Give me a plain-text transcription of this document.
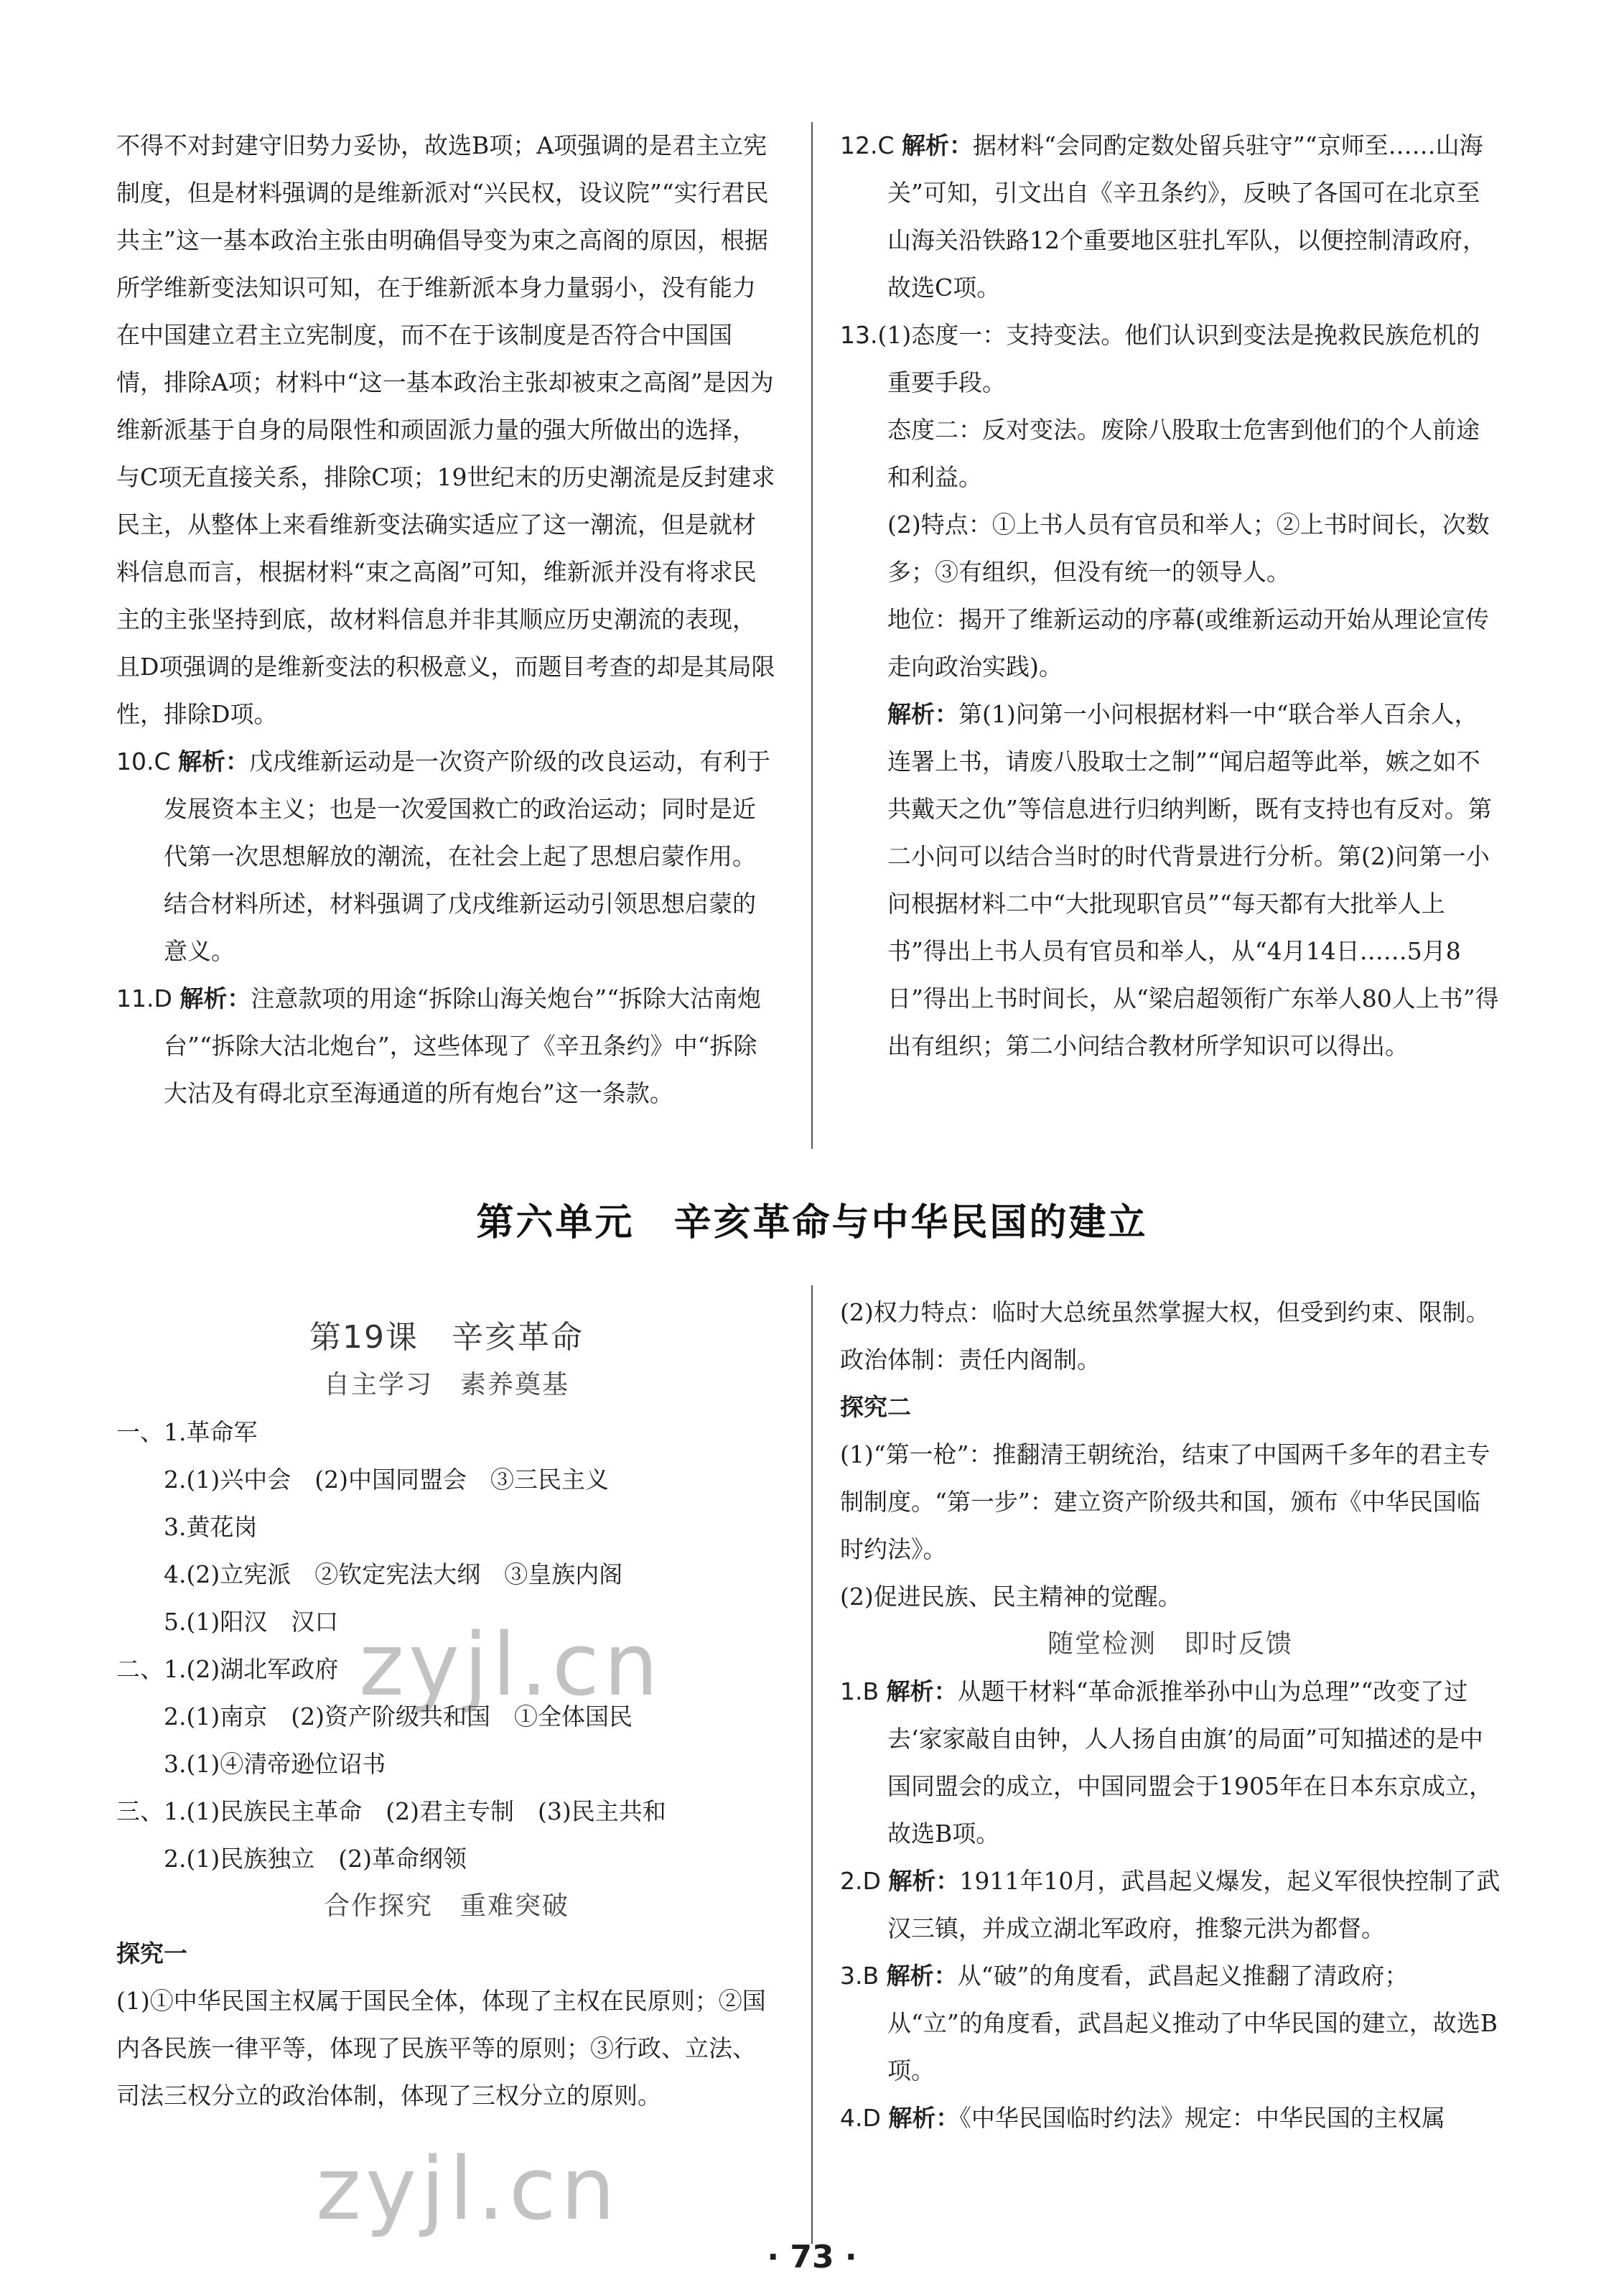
不得不对封建守旧势力妥协，故选B项；A项强调的是君主立宪制度，但是材料强调的是维新派对“兴民权，设议院”“实行君民共主”这一基本政治主张由明确倡导变为束之高阁的原因，根据所学维新变法知识可知，在于维新派本身力量弱小，没有能力在中国建立君主立宪制度，而不在于该制度是否符合中国国情，排除A项；材料中“这一基本政治主张却被束之高阁”是因为维新派基于自身的局限性和顽固派力量的强大所做出的选择，与C项无直接关系，排除C项；19世纪末的历史潮流是反封建求民主，从整体上来看维新变法确实适应了这一潮流，但是就材料信息而言，根据材料“束之高阁”可知，维新派并没有将求民主的主张坚持到底，故材料信息并非其顺应历史潮流的表现，且D项强调的是维新变法的积极意义，而题目考查的却是其局限性，排除D项。

10.C 解析：戊戌维新运动是一次资产阶级的改良运动，有利于发展资本主义；也是一次爱国救亡的政治运动；同时是近代第一次思想解放的潮流，在社会上起了思想启蒙作用。结合材料所述，材料强调了戊戌维新运动引领思想启蒙的意义。

11.D 解析：注意款项的用途“拆除山海关炮台”“拆除大沽南炮台”“拆除大沽北炮台”，这些体现了《辛丑条约》中“拆除大沽及有碍北京至海通道的所有炮台”这一条款。

12.C 解析：据材料“会同酌定数处留兵驻守”“京师至……山海关”可知，引文出自《辛丑条约》，反映了各国可在北京至山海关沿铁路12个重要地区驻扎军队，以便控制清政府，故选C项。

13.(1)态度一：支持变法。他们认识到变法是挽救民族危机的重要手段。

态度二：反对变法。废除八股取士危害到他们的个人前途和利益。

(2)特点：①上书人员有官员和举人；②上书时间长，次数多；③有组织，但没有统一的领导人。

地位：揭开了维新运动的序幕(或维新运动开始从理论宣传走向政治实践)。

解析：第(1)问第一小问根据材料一中“联合举人百余人，连署上书，请废八股取士之制”“闻启超等此举，嫉之如不共戴天之仇”等信息进行归纳判断，既有支持也有反对。第二小问可以结合当时的时代背景进行分析。第(2)问第一小问根据材料二中“大批现职官员”“每天都有大批举人上书”得出上书人员有官员和举人，从“4月14日……5月8日”得出上书时间长，从“梁启超领衔广东举人80人上书”得出有组织；第二小问结合教材所学知识可以得出。

第六单元　辛亥革命与中华民国的建立

第19课　辛亥革命

自主学习　素养奠基

一、1.革命军

2.(1)兴中会　(2)中国同盟会　③三民主义

3.黄花岗

4.(2)立宪派　②钦定宪法大纲　③皇族内阁

5.(1)阳汉　汉口

二、1.(2)湖北军政府

2.(1)南京　(2)资产阶级共和国　①全体国民

3.(1)④清帝逊位诏书

三、1.(1)民族民主革命　(2)君主专制　(3)民主共和

2.(1)民族独立　(2)革命纲领

合作探究　重难突破

探究一

(1)①中华民国主权属于国民全体，体现了主权在民原则；②国内各民族一律平等，体现了民族平等的原则；③行政、立法、司法三权分立的政治体制，体现了三权分立的原则。

(2)权力特点：临时大总统虽然掌握大权，但受到约束、限制。政治体制：责任内阁制。

探究二

(1)“第一枪”：推翻清王朝统治，结束了中国两千多年的君主专制制度。“第一步”：建立资产阶级共和国，颁布《中华民国临时约法》。

(2)促进民族、民主精神的觉醒。

随堂检测　即时反馈

1.B 解析：从题干材料“革命派推举孙中山为总理”“改变了过去‘家家敲自由钟，人人扬自由旗’的局面”可知描述的是中国同盟会的成立，中国同盟会于1905年在日本东京成立，故选B项。

2.D 解析：1911年10月，武昌起义爆发，起义军很快控制了武汉三镇，并成立湖北军政府，推黎元洪为都督。

3.B 解析：从“破”的角度看，武昌起义推翻了清政府；从“立”的角度看，武昌起义推动了中华民国的建立，故选B项。

4.D 解析：《中华民国临时约法》规定：中华民国的主权属

zyjl.cn
zyjl.cn
· 73 ·
